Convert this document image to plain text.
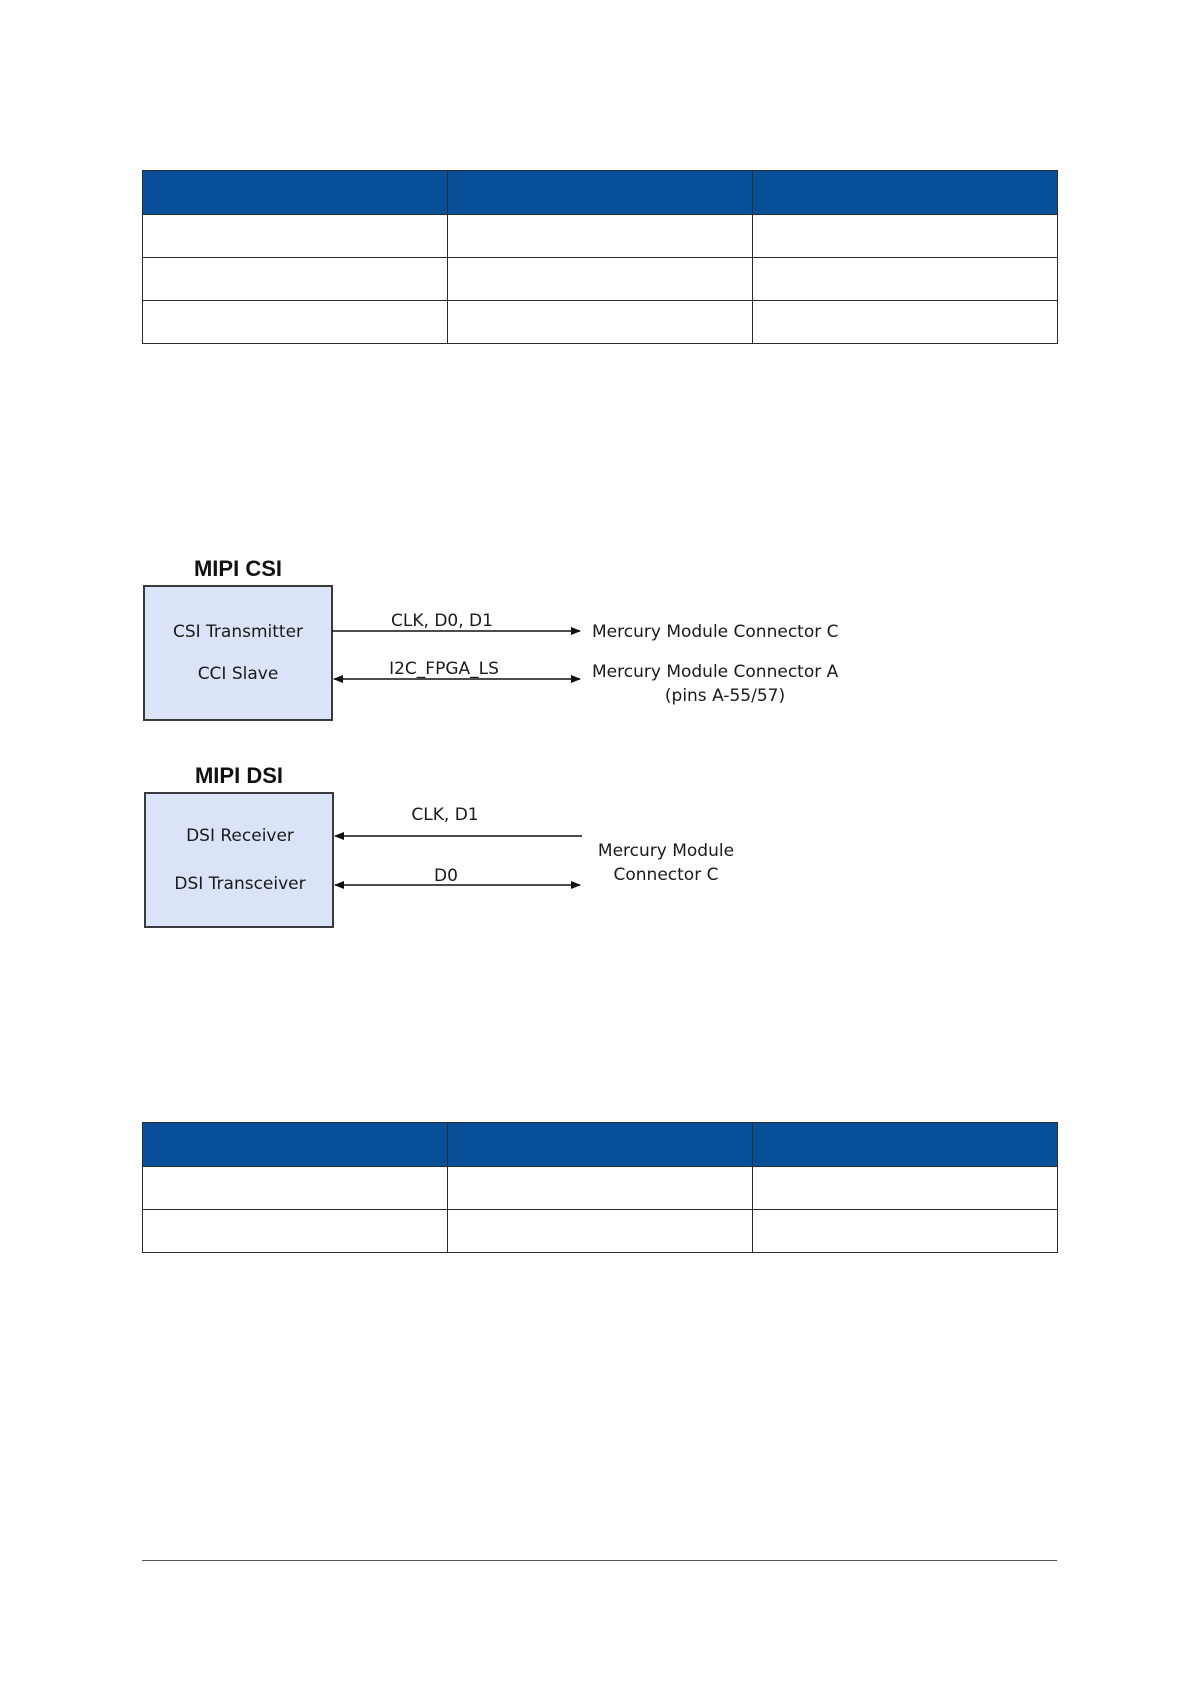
MIPI CSI
CSI Transmitter
CCI Slave
CLK, D0, D1
Mercury Module Connector C
I2C_FPGA_LS	Mercury Module Connector A
(pins A-55/57)
MIPI DSI
DSI Receiver
DSI Transceiver
CLK, D1
D0
Mercury Module
Connector C
